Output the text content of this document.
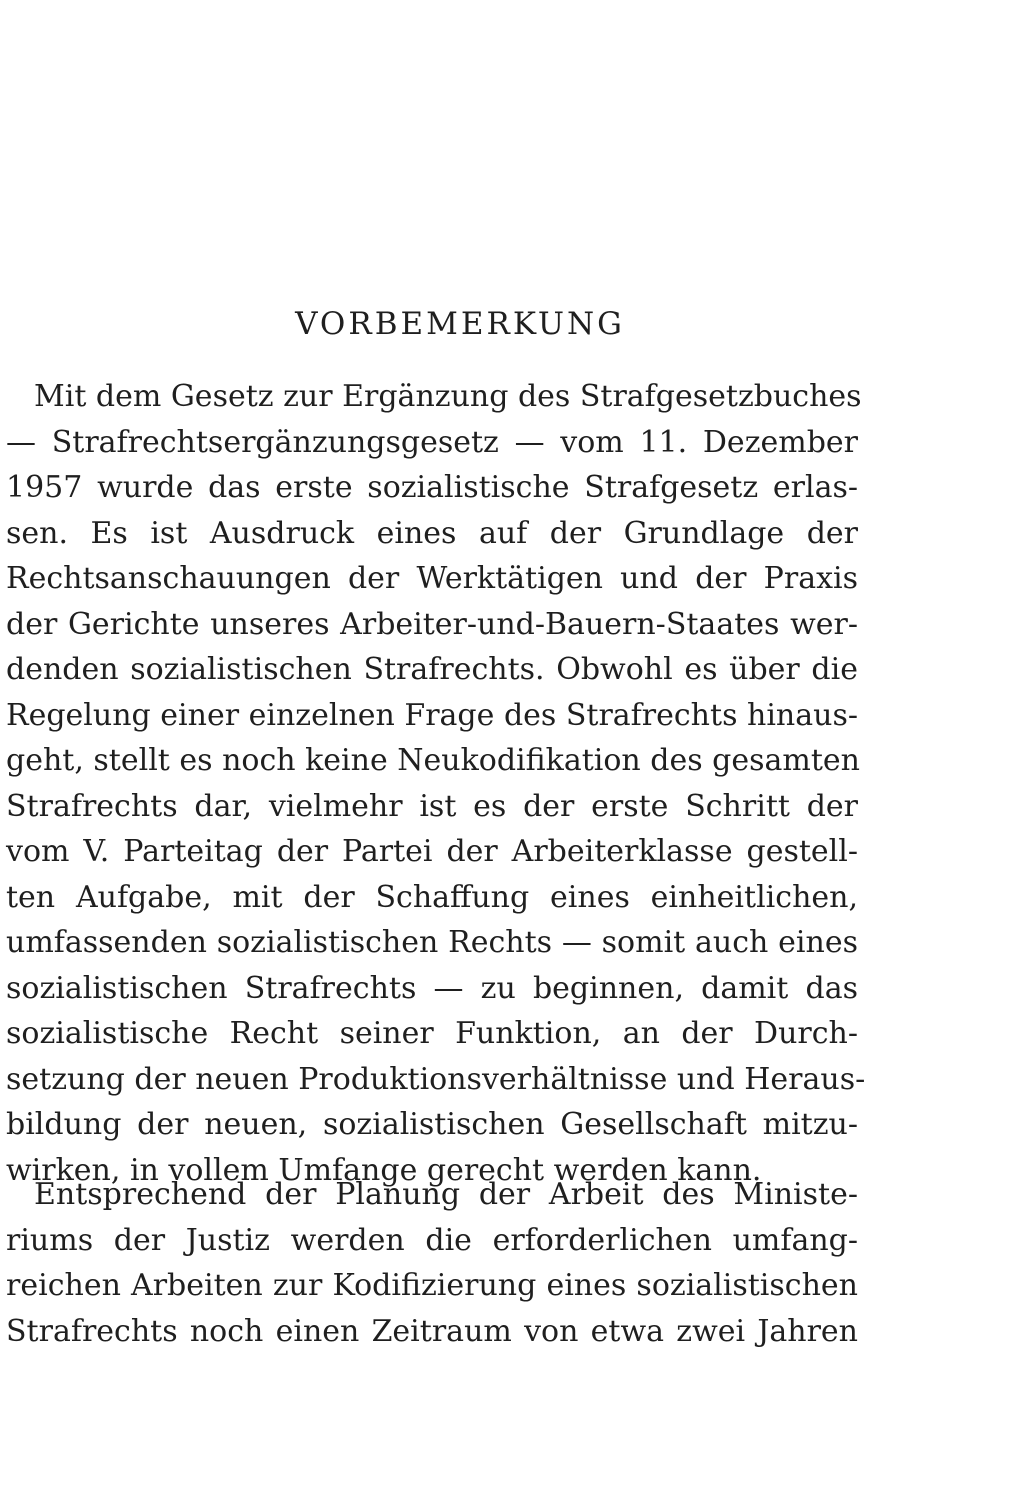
VORBEMERKUNG

Mit dem Gesetz zur Ergänzung des Strafgesetzbuches
— Strafrechtsergänzungsgesetz — vom 11. Dezember
1957 wurde das erste sozialistische Strafgesetz erlas-
sen. Es ist Ausdruck eines auf der Grundlage der
Rechtsanschauungen der Werktätigen und der Praxis
der Gerichte unseres Arbeiter-und-Bauern-Staates wer-
denden sozialistischen Strafrechts. Obwohl es über die
Regelung einer einzelnen Frage des Strafrechts hinaus-
geht, stellt es noch keine Neukodifikation des gesamten
Strafrechts dar, vielmehr ist es der erste Schritt der
vom V. Parteitag der Partei der Arbeiterklasse gestell-
ten Aufgabe, mit der Schaffung eines einheitlichen,
umfassenden sozialistischen Rechts — somit auch eines
sozialistischen Strafrechts — zu beginnen, damit das
sozialistische Recht seiner Funktion, an der Durch-
setzung der neuen Produktionsverhältnisse und Heraus-
bildung der neuen, sozialistischen Gesellschaft mitzu-
wirken, in vollem Umfange gerecht werden kann.

Entsprechend der Planung der Arbeit des Ministe-
riums der Justiz werden die erforderlichen umfang-
reichen Arbeiten zur Kodifizierung eines sozialistischen
Strafrechts noch einen Zeitraum von etwa zwei Jahren
